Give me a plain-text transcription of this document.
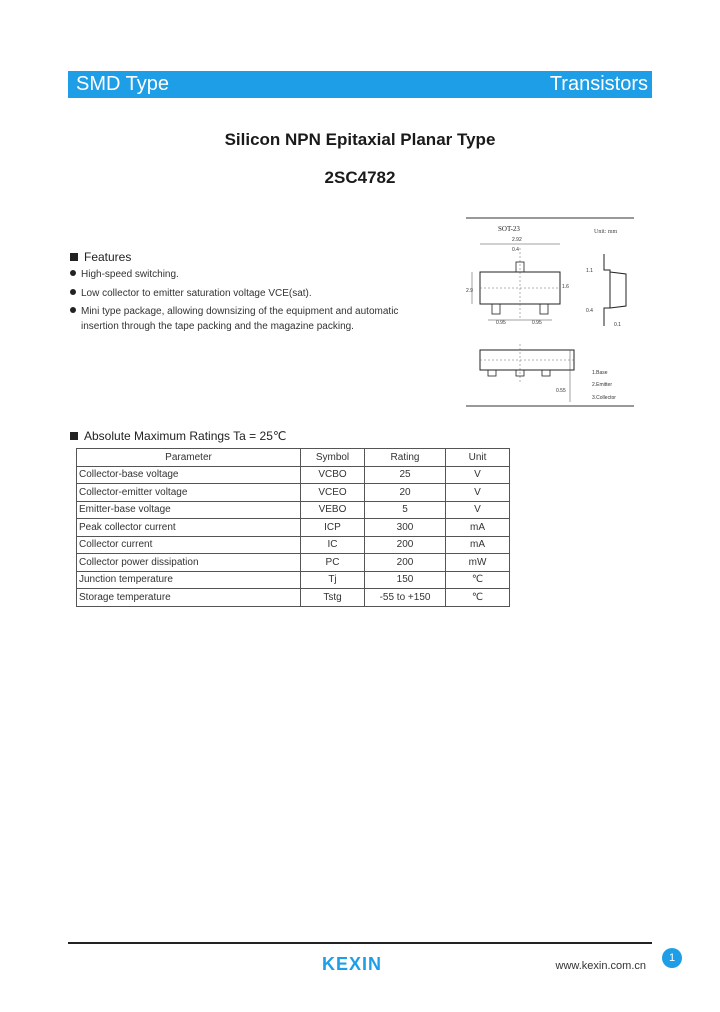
SMD Type	Transistors
Silicon NPN Epitaxial Planar Type
2SC4782
SOT-23	Unit: mm
2.92
0.4
2.9
1.6
0.95	0.95
1.1
0.4
0.1
0.55
1.Base
2.Emitter
3.Collector
Features
High-speed switching.
Low collector to emitter saturation voltage VCE(sat).
Mini type package, allowing downsizing of the equipment and automatic
insertion through the tape packing and the magazine packing.
Absolute Maximum Ratings Ta = 25℃
Parameter	Symbol	Rating	Unit
Collector-base voltage	VCBO	25	V
Collector-emitter voltage	VCEO	20	V
Emitter-base voltage	VEBO	5	V
Peak collector current	ICP	300	mA
Collector current	IC	200	mA
Collector power dissipation	PC	200	mW
Junction temperature	Tj	150	℃
Storage temperature	Tstg	-55 to +150	℃
1
KEXIN	www.kexin.com.cn
